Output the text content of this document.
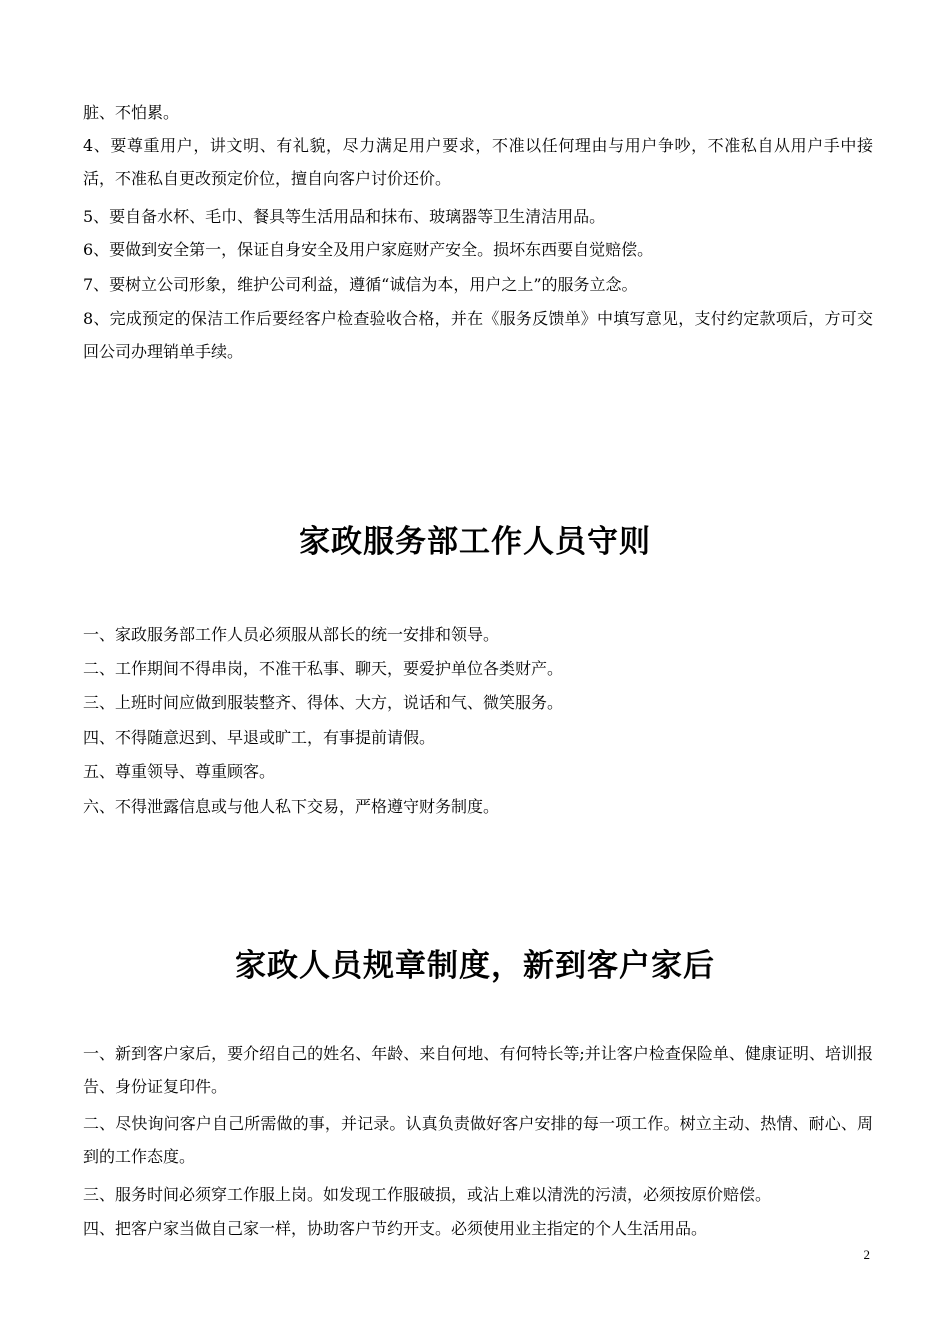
脏、不怕累。

4、要尊重用户，讲文明、有礼貌，尽力满足用户要求，不准以任何理由与用户争吵，不准私自从用户手中接活，不准私自更改预定价位，擅自向客户讨价还价。

5、要自备水杯、毛巾、餐具等生活用品和抹布、玻璃器等卫生清洁用品。

6、要做到安全第一，保证自身安全及用户家庭财产安全。损坏东西要自觉赔偿。

7、要树立公司形象，维护公司利益，遵循“诚信为本，用户之上”的服务立念。

8、完成预定的保洁工作后要经客户检查验收合格，并在《服务反馈单》中填写意见，支付约定款项后，方可交回公司办理销单手续。

家政服务部工作人员守则

一、家政服务部工作人员必须服从部长的统一安排和领导。

二、工作期间不得串岗，不准干私事、聊天，要爱护单位各类财产。

三、上班时间应做到服装整齐、得体、大方，说话和气、微笑服务。

四、不得随意迟到、早退或旷工，有事提前请假。

五、尊重领导、尊重顾客。

六、不得泄露信息或与他人私下交易，严格遵守财务制度。

家政人员规章制度，新到客户家后

一、新到客户家后，要介绍自己的姓名、年龄、来自何地、有何特长等;并让客户检查保险单、健康证明、培训报告、身份证复印件。

二、尽快询问客户自己所需做的事，并记录。认真负责做好客户安排的每一项工作。树立主动、热情、耐心、周到的工作态度。

三、服务时间必须穿工作服上岗。如发现工作服破损，或沾上难以清洗的污渍，必须按原价赔偿。

四、把客户家当做自己家一样，协助客户节约开支。必须使用业主指定的个人生活用品。

2
